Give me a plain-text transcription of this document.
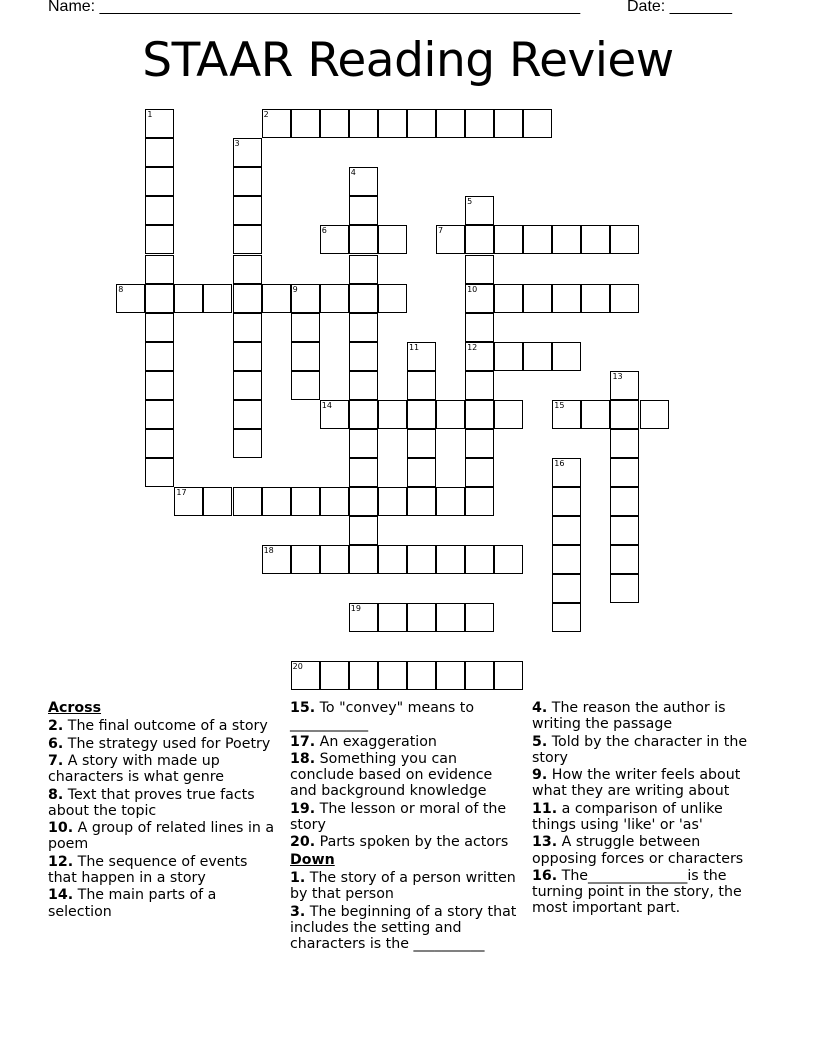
Name: ______________________________________________________	Date: _______
STAAR Reading Review
2
6	7
8	9	10
12
14	15
17
18
19
20
1
3
4
5
11
13
16
Across
2. The final outcome of a story
6. The strategy used for Poetry
7. A story with made up characters is what genre
8. Text that proves true facts about the topic
10. A group of related lines in a poem
12. The sequence of events that happen in a story
14. The main parts of a selection
15. To "convey" means to ___________
17. An exaggeration
18. Something you can conclude based on evidence and background knowledge
19. The lesson or moral of the story
20. Parts spoken by the actors
Down
1. The story of a person written by that person
3. The beginning of a story that includes the setting and characters is the __________
4. The reason the author is writing the passage
5. Told by the character in the story
9. How the writer feels about what they are writing about
11. a comparison of unlike things using 'like' or 'as'
13. A struggle between opposing forces or characters
16. The______________is the turning point in the story, the most important part.
